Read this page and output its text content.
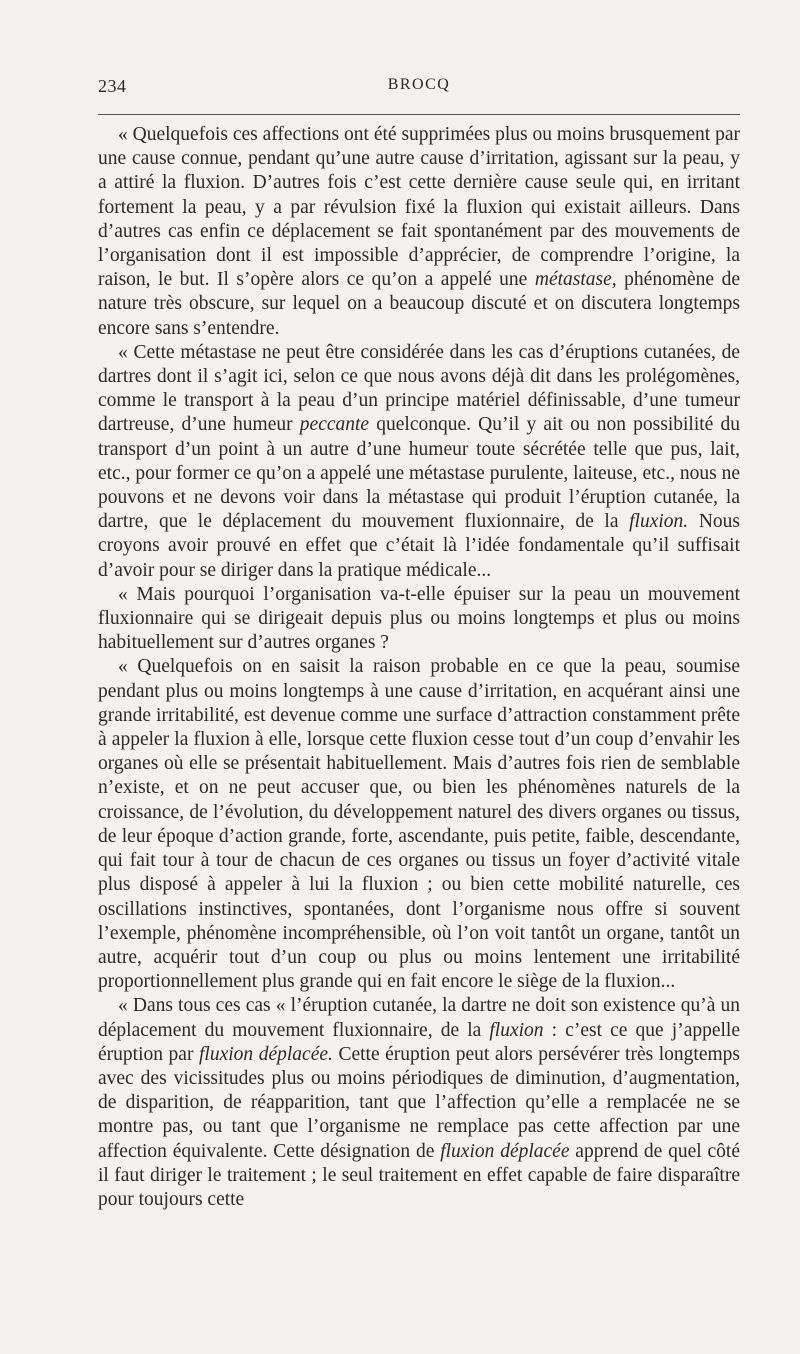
234	BROCQ

« Quelquefois ces affections ont été supprimées plus ou moins brusquement par une cause connue, pendant qu’une autre cause d’irritation, agissant sur la peau, y a attiré la fluxion. D’autres fois c’est cette dernière cause seule qui, en irritant fortement la peau, y a par révulsion fixé la fluxion qui existait ailleurs. Dans d’autres cas enfin ce déplacement se fait spontanément par des mouvements de l’organisation dont il est impossible d’apprécier, de comprendre l’origine, la raison, le but. Il s’opère alors ce qu’on a appelé une métastase, phénomène de nature très obscure, sur lequel on a beaucoup discuté et on discutera longtemps encore sans s’entendre.

« Cette métastase ne peut être considérée dans les cas d’éruptions cutanées, de dartres dont il s’agit ici, selon ce que nous avons déjà dit dans les prolégomènes, comme le transport à la peau d’un principe matériel définissable, d’une tumeur dartreuse, d’une humeur peccante quelconque. Qu’il y ait ou non possibilité du transport d’un point à un autre d’une humeur toute sécrétée telle que pus, lait, etc., pour former ce qu’on a appelé une métastase purulente, laiteuse, etc., nous ne pouvons et ne devons voir dans la métastase qui produit l’éruption cutanée, la dartre, que le déplacement du mouvement fluxionnaire, de la fluxion. Nous croyons avoir prouvé en effet que c’était là l’idée fondamentale qu’il suffisait d’avoir pour se diriger dans la pratique médicale...

« Mais pourquoi l’organisation va-t-elle épuiser sur la peau un mouvement fluxionnaire qui se dirigeait depuis plus ou moins longtemps et plus ou moins habituellement sur d’autres organes ?

« Quelquefois on en saisit la raison probable en ce que la peau, soumise pendant plus ou moins longtemps à une cause d’irritation, en acquérant ainsi une grande irritabilité, est devenue comme une surface d’attraction constamment prête à appeler la fluxion à elle, lorsque cette fluxion cesse tout d’un coup d’envahir les organes où elle se présentait habituellement. Mais d’autres fois rien de semblable n’existe, et on ne peut accuser que, ou bien les phénomènes naturels de la croissance, de l’évolution, du développement naturel des divers organes ou tissus, de leur époque d’action grande, forte, ascendante, puis petite, faible, descendante, qui fait tour à tour de chacun de ces organes ou tissus un foyer d’activité vitale plus disposé à appeler à lui la fluxion ; ou bien cette mobilité naturelle, ces oscillations instinctives, spontanées, dont l’organisme nous offre si souvent l’exemple, phénomène incompréhensible, où l’on voit tantôt un organe, tantôt un autre, acquérir tout d’un coup ou plus ou moins lentement une irritabilité proportionnellement plus grande qui en fait encore le siège de la fluxion...

« Dans tous ces cas « l’éruption cutanée, la dartre ne doit son existence qu’à un déplacement du mouvement fluxionnaire, de la fluxion : c’est ce que j’appelle éruption par fluxion déplacée. Cette éruption peut alors persévérer très longtemps avec des vicissitudes plus ou moins périodiques de diminution, d’augmentation, de disparition, de réapparition, tant que l’affection qu’elle a remplacée ne se montre pas, ou tant que l’organisme ne remplace pas cette affection par une affection équivalente. Cette désignation de fluxion déplacée apprend de quel côté il faut diriger le traitement ; le seul traitement en effet capable de faire disparaître pour toujours cette
